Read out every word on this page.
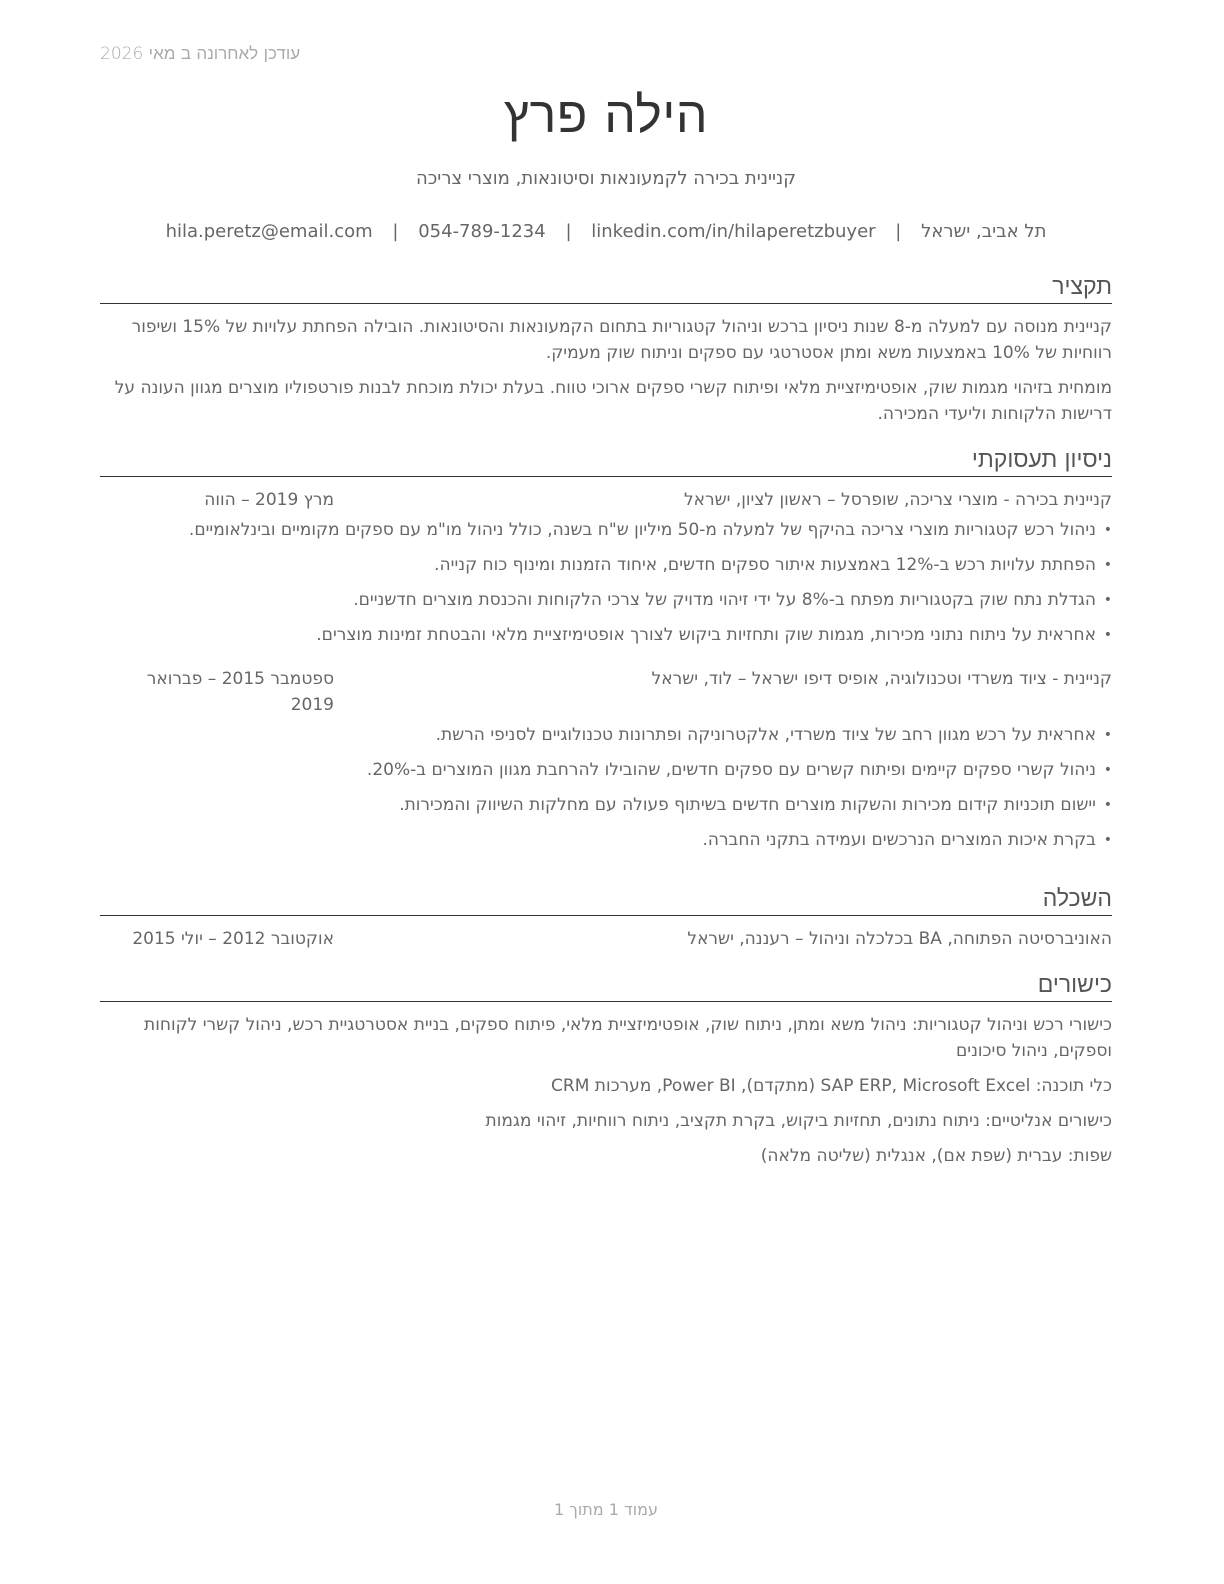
עודכן לאחרונה ב מאי 2026
הילה פרץ
קניינית בכירה לקמעונאות וסיטונאות, מוצרי צריכה
תל אביב, ישראל | hila.peretz@email.com | 054-789-1234 | linkedin.com/in/hilaperetzbuyer
תקציר
קניינית מנוסה עם למעלה מ-8 שנות ניסיון ברכש וניהול קטגוריות בתחום הקמעונאות והסיטונאות. הובילה הפחתת עלויות של 15% ושיפור רווחיות של 10% באמצעות משא ומתן אסטרטגי עם ספקים וניתוח שוק מעמיק.
מומחית בזיהוי מגמות שוק, אופטימיזציית מלאי ופיתוח קשרי ספקים ארוכי טווח. בעלת יכולת מוכחת לבנות פורטפוליו מוצרים מגוון העונה על דרישות הלקוחות וליעדי המכירה.
ניסיון תעסוקתי
קניינית בכירה - מוצרי צריכה, שופרסל – ראשון לציון, ישראל
מרץ 2019 – הווה
•
ניהול רכש קטגוריות מוצרי צריכה בהיקף של למעלה מ-50 מיליון ש"ח בשנה, כולל ניהול מו"מ עם ספקים מקומיים ובינלאומיים.
•
הפחתת עלויות רכש ב-12% באמצעות איתור ספקים חדשים, איחוד הזמנות ומינוף כוח קנייה.
•
הגדלת נתח שוק בקטגוריות מפתח ב-8% על ידי זיהוי מדויק של צרכי הלקוחות והכנסת מוצרים חדשניים.
•
אחראית על ניתוח נתוני מכירות, מגמות שוק ותחזיות ביקוש לצורך אופטימיזציית מלאי והבטחת זמינות מוצרים.
קניינית - ציוד משרדי וטכנולוגיה, אופיס דיפו ישראל – לוד, ישראל
ספטמבר 2015 – פברואר 2019
•
אחראית על רכש מגוון רחב של ציוד משרדי, אלקטרוניקה ופתרונות טכנולוגיים לסניפי הרשת.
•
ניהול קשרי ספקים קיימים ופיתוח קשרים עם ספקים חדשים, שהובילו להרחבת מגוון המוצרים ב-20%.
•
יישום תוכניות קידום מכירות והשקות מוצרים חדשים בשיתוף פעולה עם מחלקות השיווק והמכירות.
•
בקרת איכות המוצרים הנרכשים ועמידה בתקני החברה.
השכלה
האוניברסיטה הפתוחה, BA בכלכלה וניהול – רעננה, ישראל
אוקטובר 2012 – יולי 2015
כישורים
כישורי רכש וניהול קטגוריות: ניהול משא ומתן, ניתוח שוק, אופטימיזציית מלאי, פיתוח ספקים, בניית אסטרטגיית רכש, ניהול קשרי לקוחות וספקים, ניהול סיכונים
כלי תוכנה: SAP ERP, Microsoft Excel (מתקדם), Power BI, מערכות CRM
כישורים אנליטיים: ניתוח נתונים, תחזיות ביקוש, בקרת תקציב, ניתוח רווחיות, זיהוי מגמות
שפות: עברית (שפת אם), אנגלית (שליטה מלאה)
עמוד 1 מתוך 1
